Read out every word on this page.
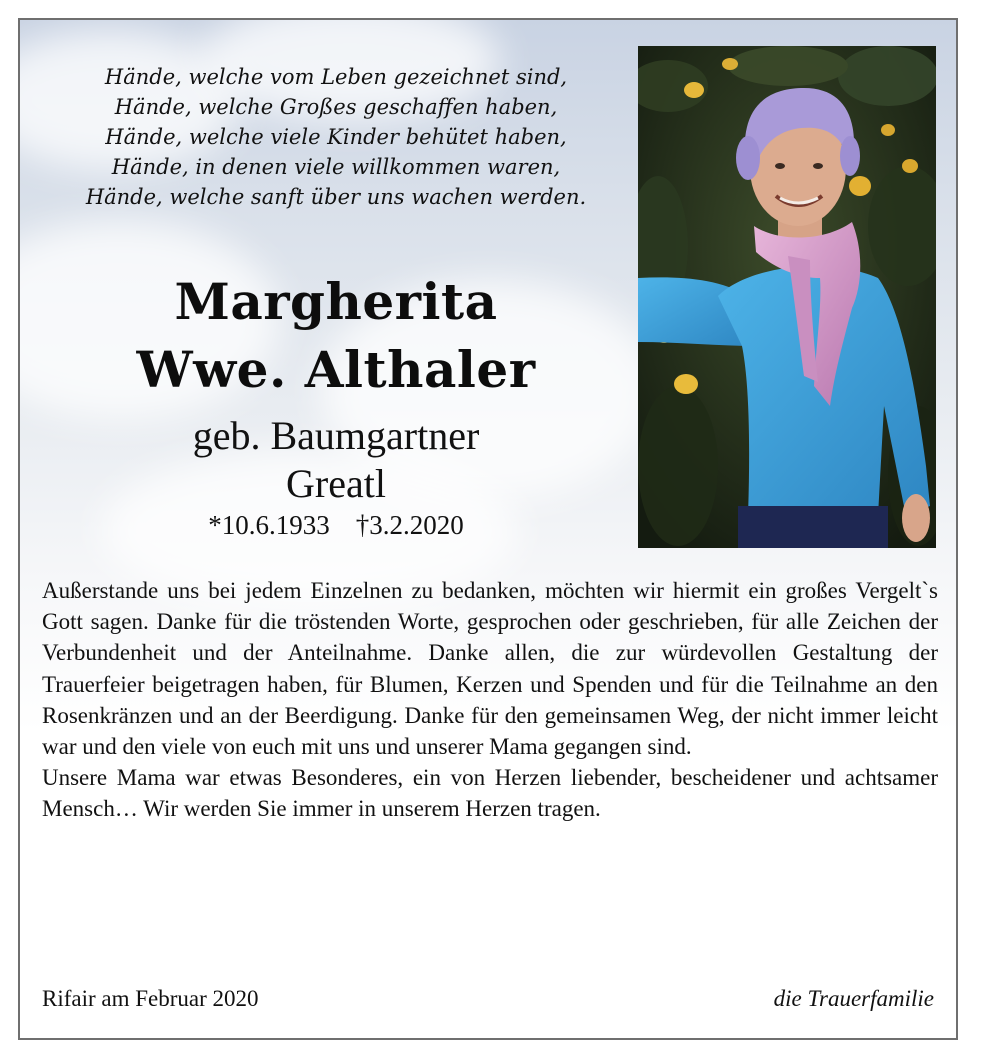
Hände, welche vom Leben gezeichnet sind,
Hände, welche Großes geschaffen haben,
Hände, welche viele Kinder behütet haben,
Hände, in denen viele willkommen waren,
Hände, welche sanft über uns wachen werden.
Margherita
Wwe. Althaler
geb. Baumgartner
Greatl
*10.6.1933 †3.2.2020

Außerstande uns bei jedem Einzelnen zu bedanken, möchten wir hiermit ein großes Vergelt`s Gott sagen. Danke für die tröstenden Worte, gesprochen oder geschrieben, für alle Zeichen der Verbundenheit und der Anteilnahme. Danke allen, die zur würdevollen Gestaltung der Trauerfeier beigetragen haben, für Blumen, Kerzen und Spenden und für die Teilnahme an den Rosenkränzen und an der Beerdigung. Danke für den gemeinsamen Weg, der nicht immer leicht war und den viele von euch mit uns und unserer Mama gegangen sind.

Unsere Mama war etwas Besonderes, ein von Herzen liebender, bescheidener und achtsamer Mensch… Wir werden Sie immer in unserem Herzen tragen.

Rifair am Februar 2020	die Trauerfamilie
